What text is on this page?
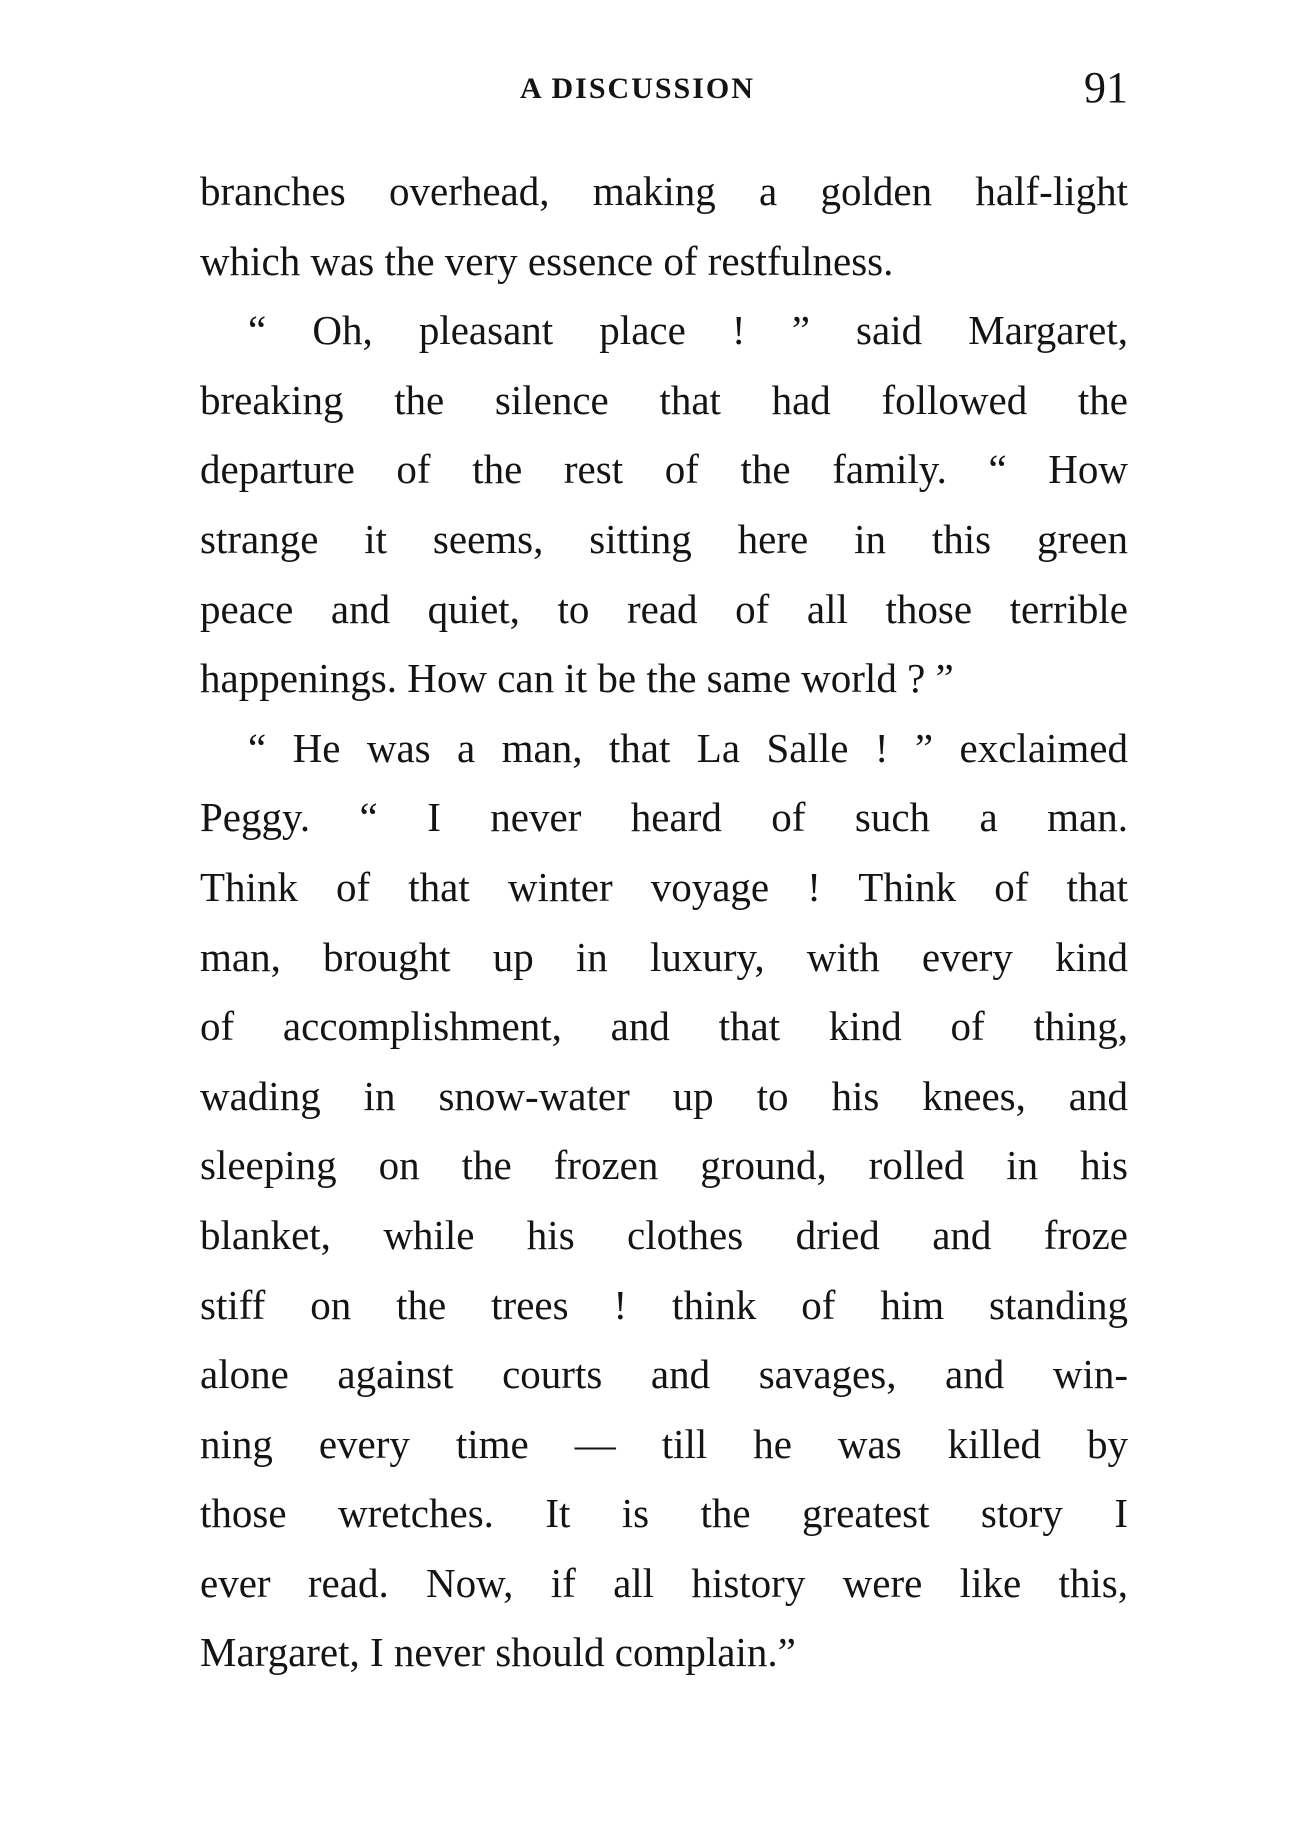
A DISCUSSION	91
branches overhead, making a golden half-light
which was the very essence of restfulness.
“ Oh, pleasant place ! ” said Margaret,
breaking the silence that had followed the
departure of the rest of the family. “ How
strange it seems, sitting here in this green
peace and quiet, to read of all those terrible
happenings. How can it be the same world ? ”
“ He was a man, that La Salle ! ” exclaimed
Peggy. “ I never heard of such a man.
Think of that winter voyage ! Think of that
man, brought up in luxury, with every kind
of accomplishment, and that kind of thing,
wading in snow-water up to his knees, and
sleeping on the frozen ground, rolled in his
blanket, while his clothes dried and froze
stiff on the trees ! think of him standing
alone against courts and savages, and win-
ning every time — till he was killed by
those wretches. It is the greatest story I
ever read. Now, if all history were like this,
Margaret, I never should complain.”
